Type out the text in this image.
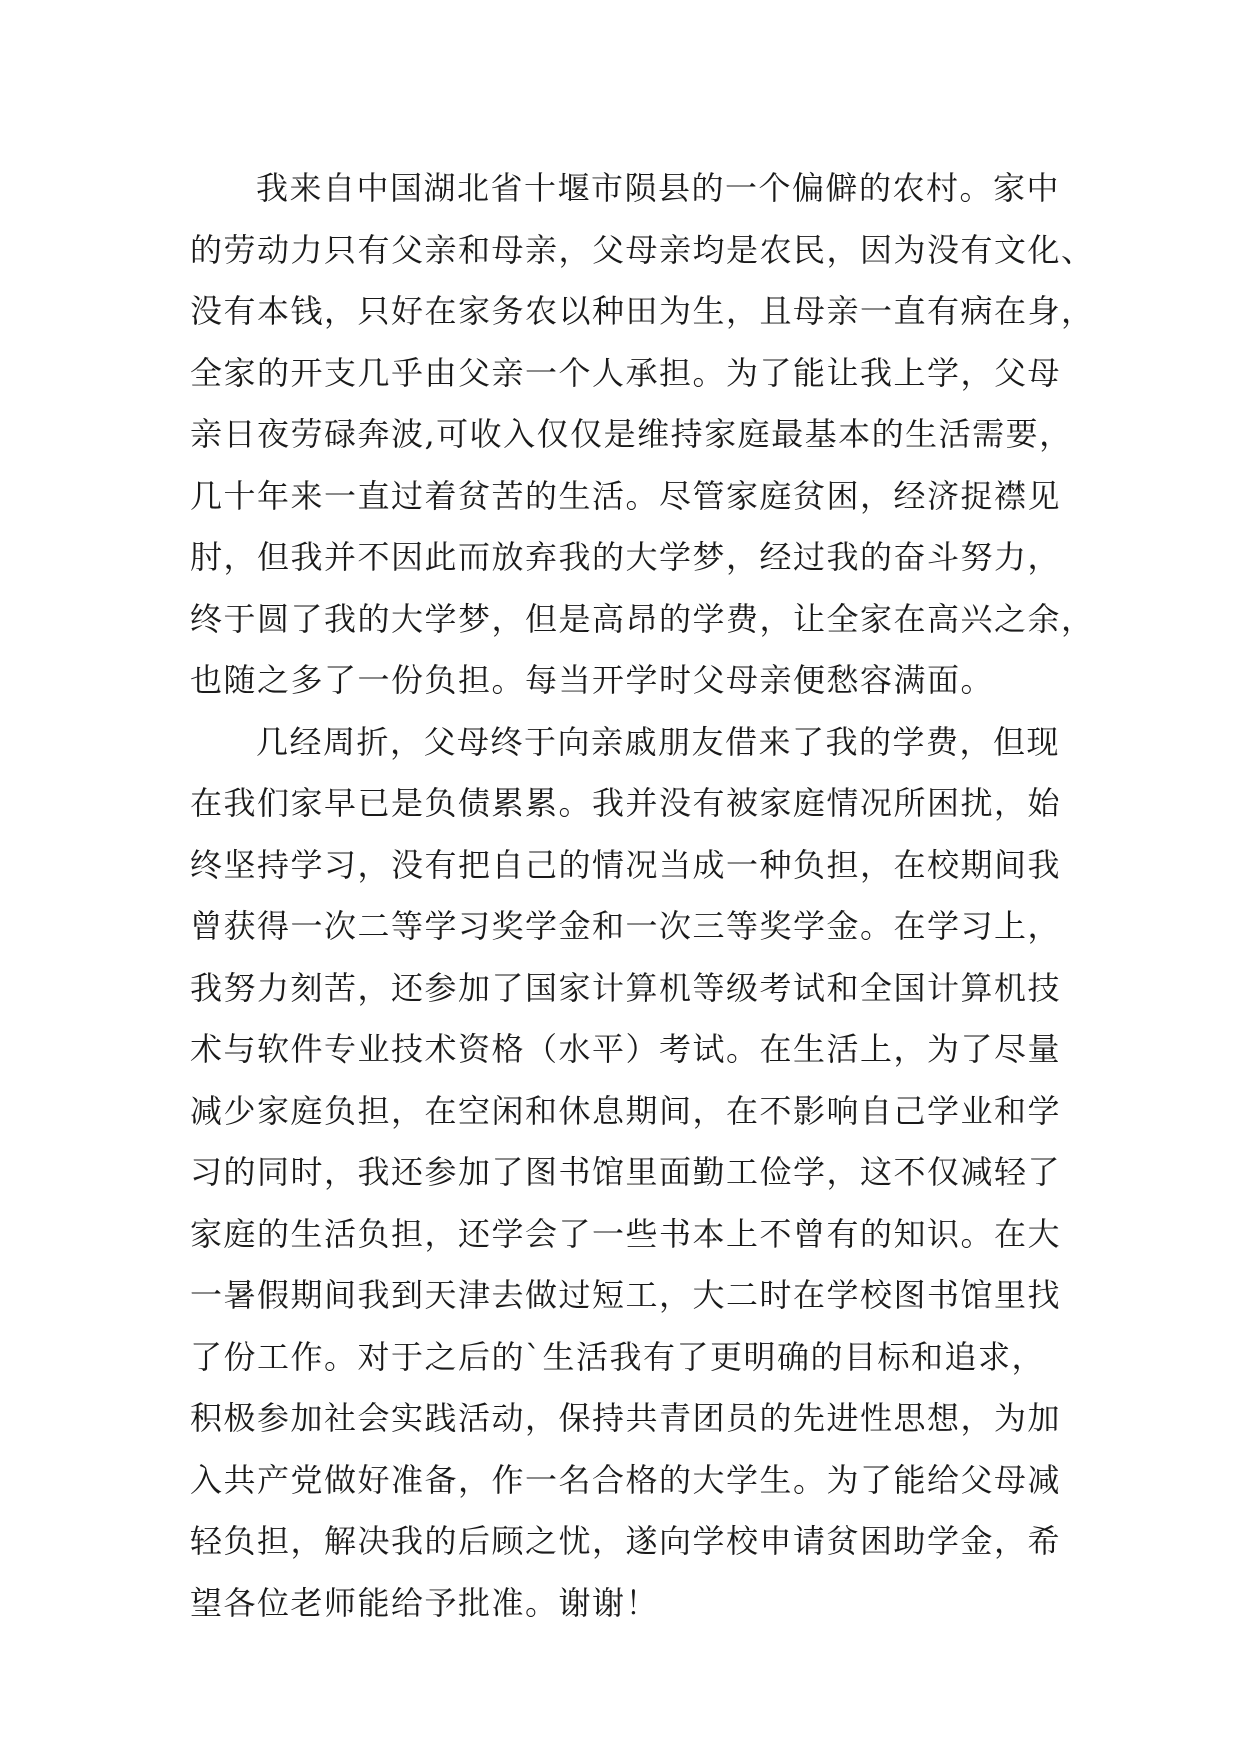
我来自中国湖北省十堰市陨县的一个偏僻的农村。家中
的劳动力只有父亲和母亲，父母亲均是农民，因为没有文化、
没有本钱，只好在家务农以种田为生，且母亲一直有病在身，
全家的开支几乎由父亲一个人承担。为了能让我上学，父母
亲日夜劳碌奔波,可收入仅仅是维持家庭最基本的生活需要，
几十年来一直过着贫苦的生活。尽管家庭贫困，经济捉襟见
肘，但我并不因此而放弃我的大学梦，经过我的奋斗努力，
终于圆了我的大学梦，但是高昂的学费，让全家在高兴之余，
也随之多了一份负担。每当开学时父母亲便愁容满面。
几经周折，父母终于向亲戚朋友借来了我的学费，但现
在我们家早已是负债累累。我并没有被家庭情况所困扰，始
终坚持学习，没有把自己的情况当成一种负担，在校期间我
曾获得一次二等学习奖学金和一次三等奖学金。在学习上，
我努力刻苦，还参加了国家计算机等级考试和全国计算机技
术与软件专业技术资格（水平）考试。在生活上，为了尽量
减少家庭负担，在空闲和休息期间，在不影响自己学业和学
习的同时，我还参加了图书馆里面勤工俭学，这不仅减轻了
家庭的生活负担，还学会了一些书本上不曾有的知识。在大
一暑假期间我到天津去做过短工，大二时在学校图书馆里找
了份工作。对于之后的`生活我有了更明确的目标和追求，
积极参加社会实践活动，保持共青团员的先进性思想，为加
入共产党做好准备，作一名合格的大学生。为了能给父母减
轻负担，解决我的后顾之忧，遂向学校申请贫困助学金，希
望各位老师能给予批准。谢谢！
